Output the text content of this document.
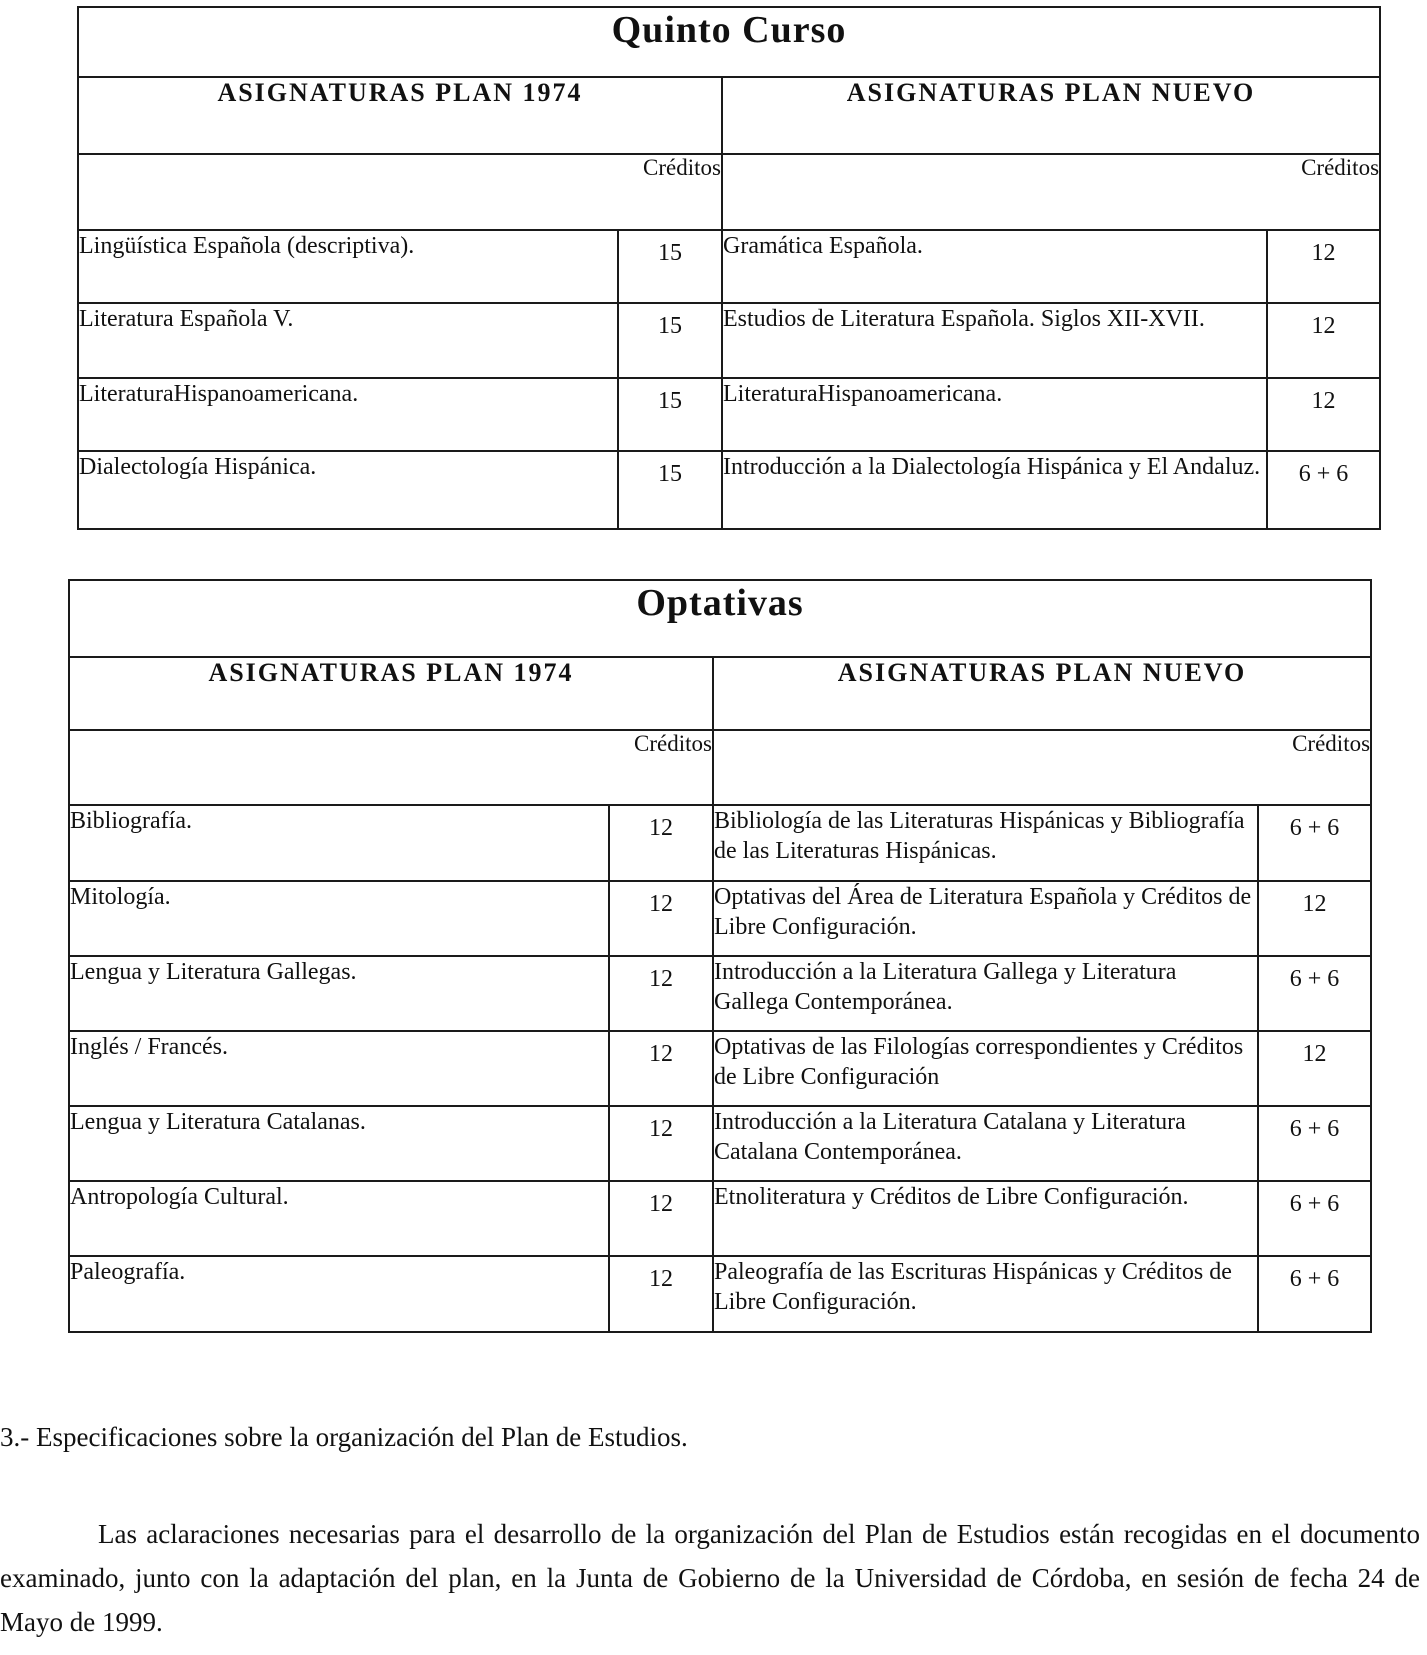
Quinto Curso			
ASIGNATURAS PLAN 1974		ASIGNATURAS PLAN NUEVO	
Créditos		Créditos	
Lingüística Española (descriptiva).	15	Gramática Española.	12
Literatura Española V.	15	Estudios de Literatura Española. Siglos XII-XVII.	12
LiteraturaHispanoamericana.	15	LiteraturaHispanoamericana.	12
Dialectología Hispánica.	15	Introducción a la Dialectología Hispánica y El Andaluz.	6 + 6
Optativas			
ASIGNATURAS PLAN 1974		ASIGNATURAS PLAN NUEVO	
Créditos		Créditos	
Bibliografía.	12	Bibliología de las Literaturas Hispánicas y Bibliografía de las Literaturas Hispánicas.	6 + 6
Mitología.	12	Optativas del Área de Literatura Española y Créditos de Libre Configuración.	12
Lengua y Literatura Gallegas.	12	Introducción a la Literatura Gallega y Literatura Gallega Contemporánea.	6 + 6
Inglés / Francés.	12	Optativas de las Filologías correspondientes y Créditos de Libre Configuración	12
Lengua y Literatura Catalanas.	12	Introducción a la Literatura Catalana y Literatura Catalana Contemporánea.	6 + 6
Antropología Cultural.	12	Etnoliteratura y Créditos de Libre Configuración.	6 + 6
Paleografía.	12	Paleografía de las Escrituras Hispánicas y Créditos de Libre Configuración.	6 + 6

3.- Especificaciones sobre la organización del Plan de Estudios.

Las aclaraciones necesarias para el desarrollo de la organización del Plan de Estudios están recogidas en el documento examinado, junto con la adaptación del plan, en la Junta de Gobierno de la Universidad de Córdoba, en sesión de fecha 24 de Mayo de 1999.
